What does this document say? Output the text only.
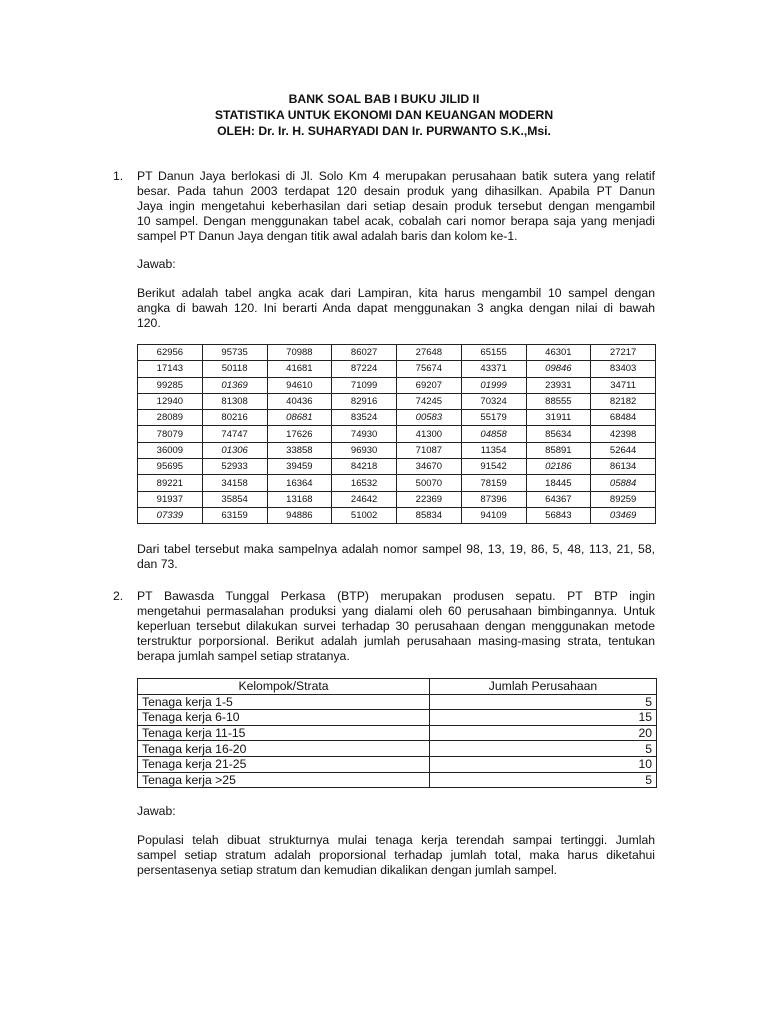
BANK SOAL BAB I BUKU JILID II
STATISTIKA UNTUK EKONOMI DAN KEUANGAN MODERN
OLEH: Dr. Ir. H. SUHARYADI DAN Ir. PURWANTO S.K.,Msi.
1. PT Danun Jaya berlokasi di Jl. Solo Km 4 merupakan perusahaan batik sutera yang relatif
besar. Pada tahun 2003 terdapat 120 desain produk yang dihasilkan. Apabila PT Danun
Jaya ingin mengetahui keberhasilan dari setiap desain produk tersebut dengan mengambil
10 sampel. Dengan menggunakan tabel acak, cobalah cari nomor berapa saja yang menjadi
sampel PT Danun Jaya dengan titik awal adalah baris dan kolom ke-1.
Jawab:
Berikut adalah tabel angka acak dari Lampiran, kita harus mengambil 10 sampel dengan
angka di bawah 120. Ini berarti Anda dapat menggunakan 3 angka dengan nilai di bawah
120.
62956	95735	70988	86027	27648	65155	46301	27217
17143	50118	41681	87224	75674	43371	09846	83403
99285	01369	94610	71099	69207	01999	23931	34711
12940	81308	40436	82916	74245	70324	88555	82182
28089	80216	08681	83524	00583	55179	31911	68484
78079	74747	17626	74930	41300	04858	85634	42398
36009	01306	33858	96930	71087	11354	85891	52644
95695	52933	39459	84218	34670	91542	02186	86134
89221	34158	16364	16532	50070	78159	18445	05884
91937	35854	13168	24642	22369	87396	64367	89259
07339	63159	94886	51002	85834	94109	56843	03469
Dari tabel tersebut maka sampelnya adalah nomor sampel 98, 13, 19, 86, 5, 48, 113, 21, 58,
dan 73.
2. PT Bawasda Tunggal Perkasa (BTP) merupakan produsen sepatu. PT BTP ingin
mengetahui permasalahan produksi yang dialami oleh 60 perusahaan bimbingannya. Untuk
keperluan tersebut dilakukan survei terhadap 30 perusahaan dengan menggunakan metode
terstruktur porporsional. Berikut adalah jumlah perusahaan masing-masing strata, tentukan
berapa jumlah sampel setiap stratanya.
Kelompok/Strata	Jumlah Perusahaan
Tenaga kerja 1-5	5
Tenaga kerja 6-10	15
Tenaga kerja 11-15	20
Tenaga kerja 16-20	5
Tenaga kerja 21-25	10
Tenaga kerja >25	5
Jawab:
Populasi telah dibuat strukturnya mulai tenaga kerja terendah sampai tertinggi. Jumlah
sampel setiap stratum adalah proporsional terhadap jumlah total, maka harus diketahui
persentasenya setiap stratum dan kemudian dikalikan dengan jumlah sampel.
